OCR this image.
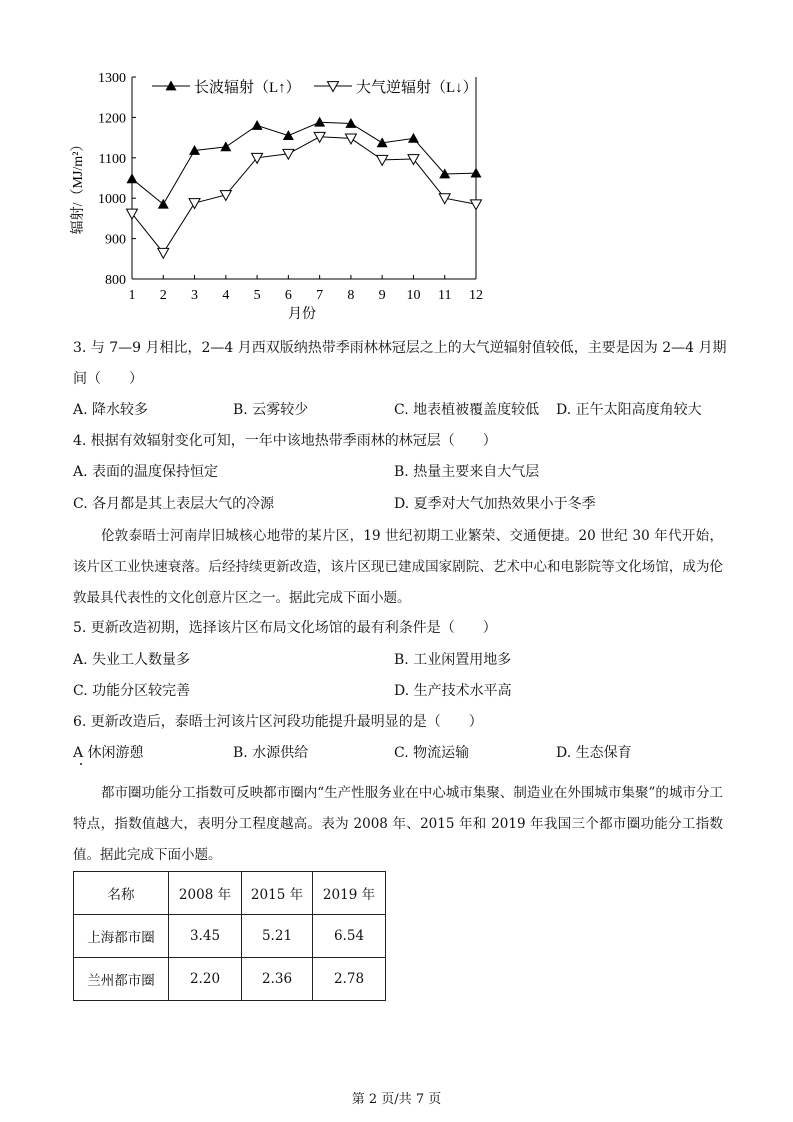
800
900
1000
1100
1200
1300
1 2 3 4 5 6 7 8 9 10 11 12
月份
辐射/（MJ/m²）
长波辐射（L↑）	大气逆辐射（L↓）
3. 与 7—9 月相比，2—4 月西双版纳热带季雨林林冠层之上的大气逆辐射值较低，主要是因为 2—4 月期
间（　　）
A. 降水较多	B. 云雾较少	C. 地表植被覆盖度较低 D. 正午太阳高度角较大
4. 根据有效辐射变化可知，一年中该地热带季雨林的林冠层（　　）
A. 表面的温度保持恒定	B. 热量主要来自大气层
C. 各月都是其上表层大气的冷源	D. 夏季对大气加热效果小于冬季
伦敦泰晤士河南岸旧城核心地带的某片区，19 世纪初期工业繁荣、交通便捷。20 世纪 30 年代开始，该片区工业快速衰落。后经持续更新改造，该片区现已建成国家剧院、艺术中心和电影院等文化场馆，成为伦敦最具代表性的文化创意片区之一。据此完成下面小题。
5. 更新改造初期，选择该片区布局文化场馆的最有利条件是（　　）
A. 失业工人数量多	B. 工业闲置用地多
C. 功能分区较完善	D. 生产技术水平高
6. 更新改造后，泰晤士河该片区河段功能提升最明显的是（　　）
A 休闲游憩	B. 水源供给	C. 物流运输	D. 生态保育
都市圈功能分工指数可反映都市圈内“生产性服务业在中心城市集聚、制造业在外围城市集聚”的城市分工特点，指数值越大，表明分工程度越高。表为 2008 年、2015 年和 2019 年我国三个都市圈功能分工指数值。据此完成下面小题。
名称	2008 年	2015 年	2019 年
上海都市圈	3.45	5.21	6.54
兰州都市圈	2.20	2.36	2.78
第 2 页/共 7 页
